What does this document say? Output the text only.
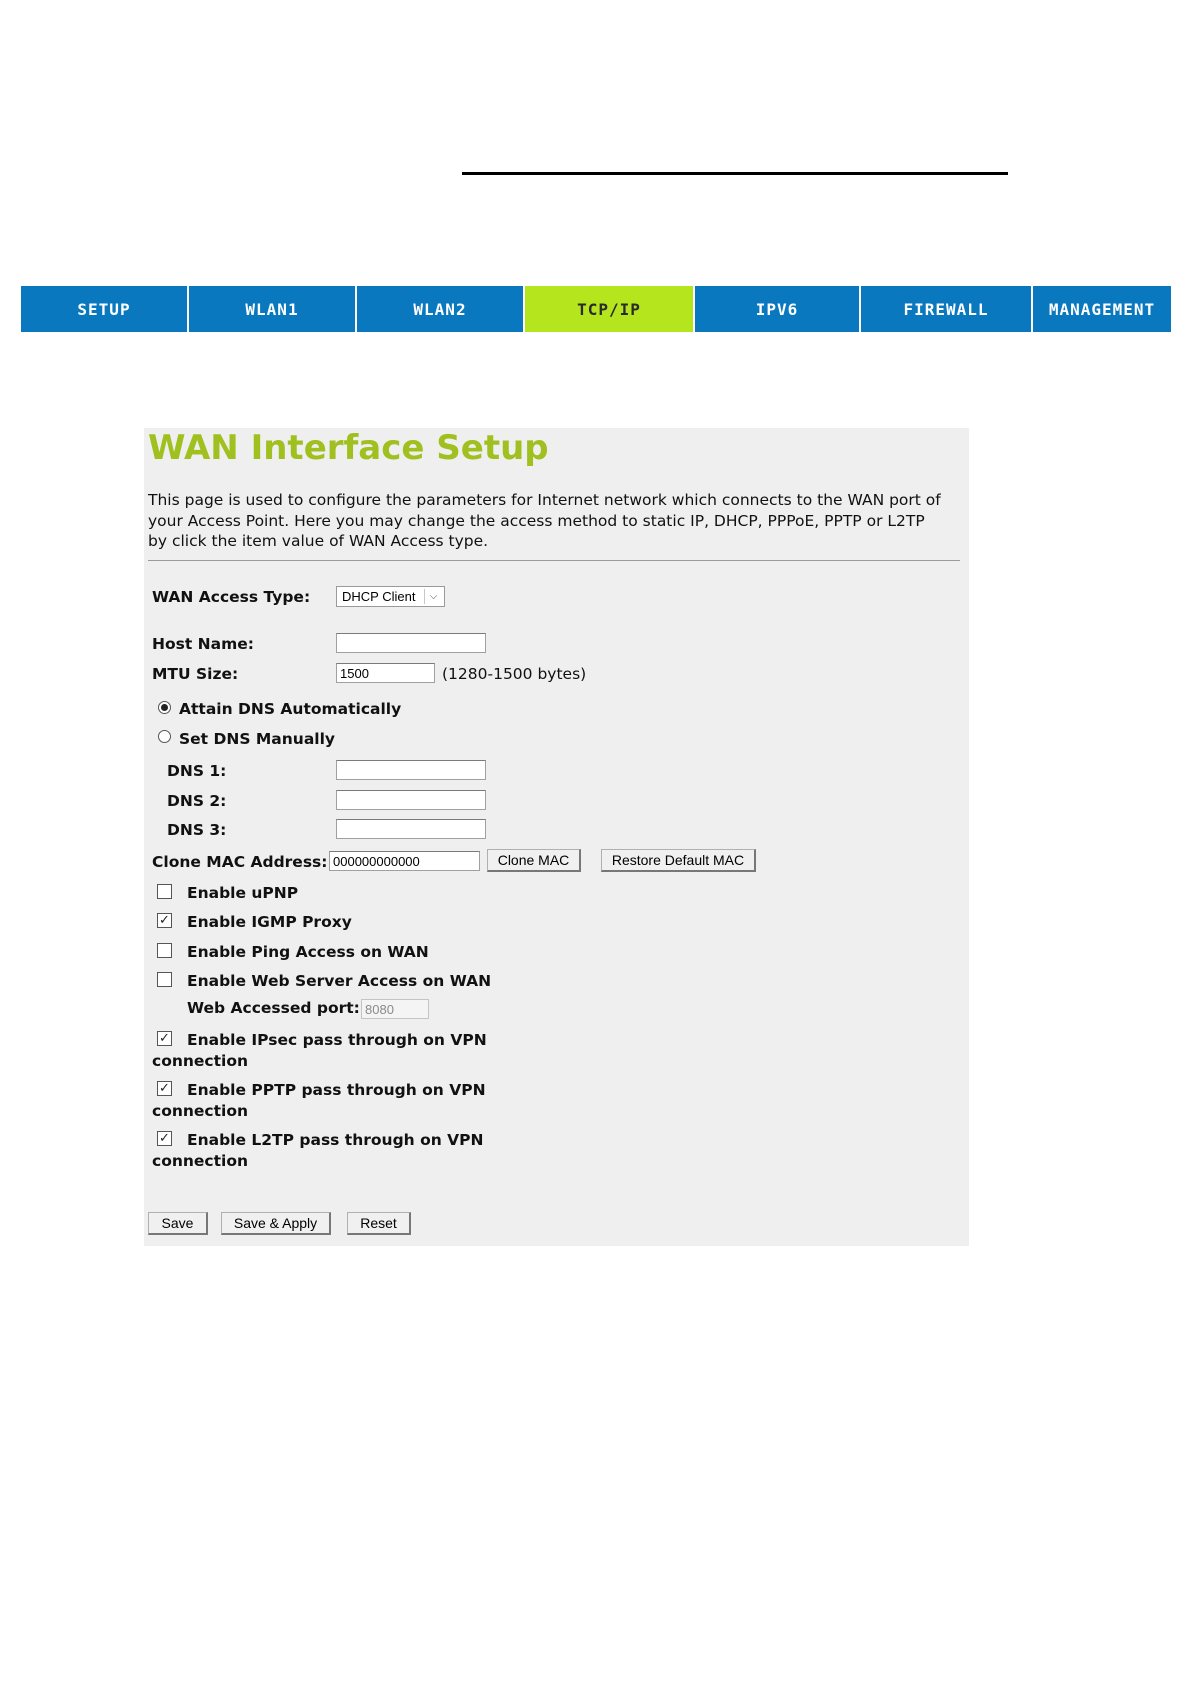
SETUP	WLAN1	WLAN2	TCP/IP	IPV6	FIREWALL	MANAGEMENT
WAN Interface Setup
This page is used to configure the parameters for Internet network which connects to the WAN port of your Access Point. Here you may change the access method to static IP, DHCP, PPPoE, PPTP or L2TP by click the item value of WAN Access type.
WAN Access Type: DHCP Client	⌵
Host Name:
MTU Size:
1500	(1280-1500 bytes)
Attain DNS Automatically
Set DNS Manually
DNS 1:
DNS 2:
DNS 3:
Clone MAC Address:
000000000000	Clone MAC	Restore Default MAC
Enable uPNP
✓ Enable IGMP Proxy
Enable Ping Access on WAN
Enable Web Server Access on WAN
Web Accessed port:
8080
✓ Enable IPsec pass through on VPN
connection
✓ Enable PPTP pass through on VPN
connection
✓ Enable L2TP pass through on VPN
connection
Save	Save & Apply	Reset
